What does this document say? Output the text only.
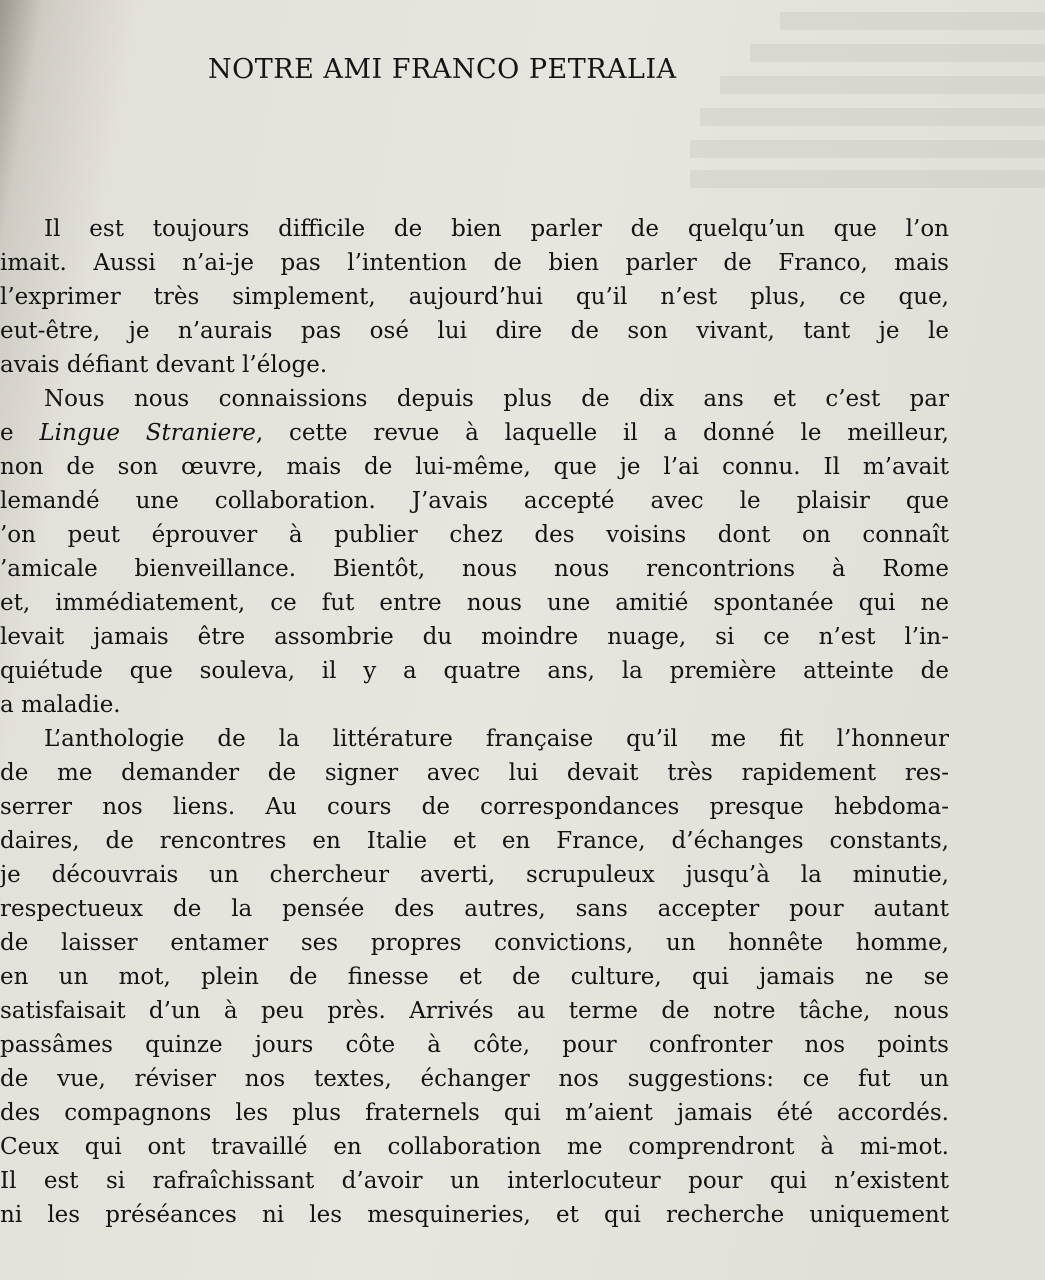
NOTRE AMI FRANCO PETRALIA
Il est toujours difficile de bien parler de quelqu’un que l’on
imait. Aussi n’ai-je pas l’intention de bien parler de Franco, mais
l’exprimer très simplement, aujourd’hui qu’il n’est plus, ce que,
eut-être, je n’aurais pas osé lui dire de son vivant, tant je le
avais défiant devant l’éloge.
Nous nous connaissions depuis plus de dix ans et c’est par
e Lingue Straniere, cette revue à laquelle il a donné le meilleur,
non de son œuvre, mais de lui-même, que je l’ai connu. Il m’avait
lemandé une collaboration. J’avais accepté avec le plaisir que
’on peut éprouver à publier chez des voisins dont on connaît
’amicale bienveillance. Bientôt, nous nous rencontrions à Rome
et, immédiatement, ce fut entre nous une amitié spontanée qui ne
levait jamais être assombrie du moindre nuage, si ce n’est l’in-
quiétude que souleva, il y a quatre ans, la première atteinte de
a maladie.
L’anthologie de la littérature française qu’il me fit l’honneur
de me demander de signer avec lui devait très rapidement res-
serrer nos liens. Au cours de correspondances presque hebdoma-
daires, de rencontres en Italie et en France, d’échanges constants,
je découvrais un chercheur averti, scrupuleux jusqu’à la minutie,
respectueux de la pensée des autres, sans accepter pour autant
de laisser entamer ses propres convictions, un honnête homme,
en un mot, plein de finesse et de culture, qui jamais ne se
satisfaisait d’un à peu près. Arrivés au terme de notre tâche, nous
passâmes quinze jours côte à côte, pour confronter nos points
de vue, réviser nos textes, échanger nos suggestions: ce fut un
des compagnons les plus fraternels qui m’aient jamais été accordés.
Ceux qui ont travaillé en collaboration me comprendront à mi-mot.
Il est si rafraîchissant d’avoir un interlocuteur pour qui n’existent
ni les préséances ni les mesquineries, et qui recherche uniquement
